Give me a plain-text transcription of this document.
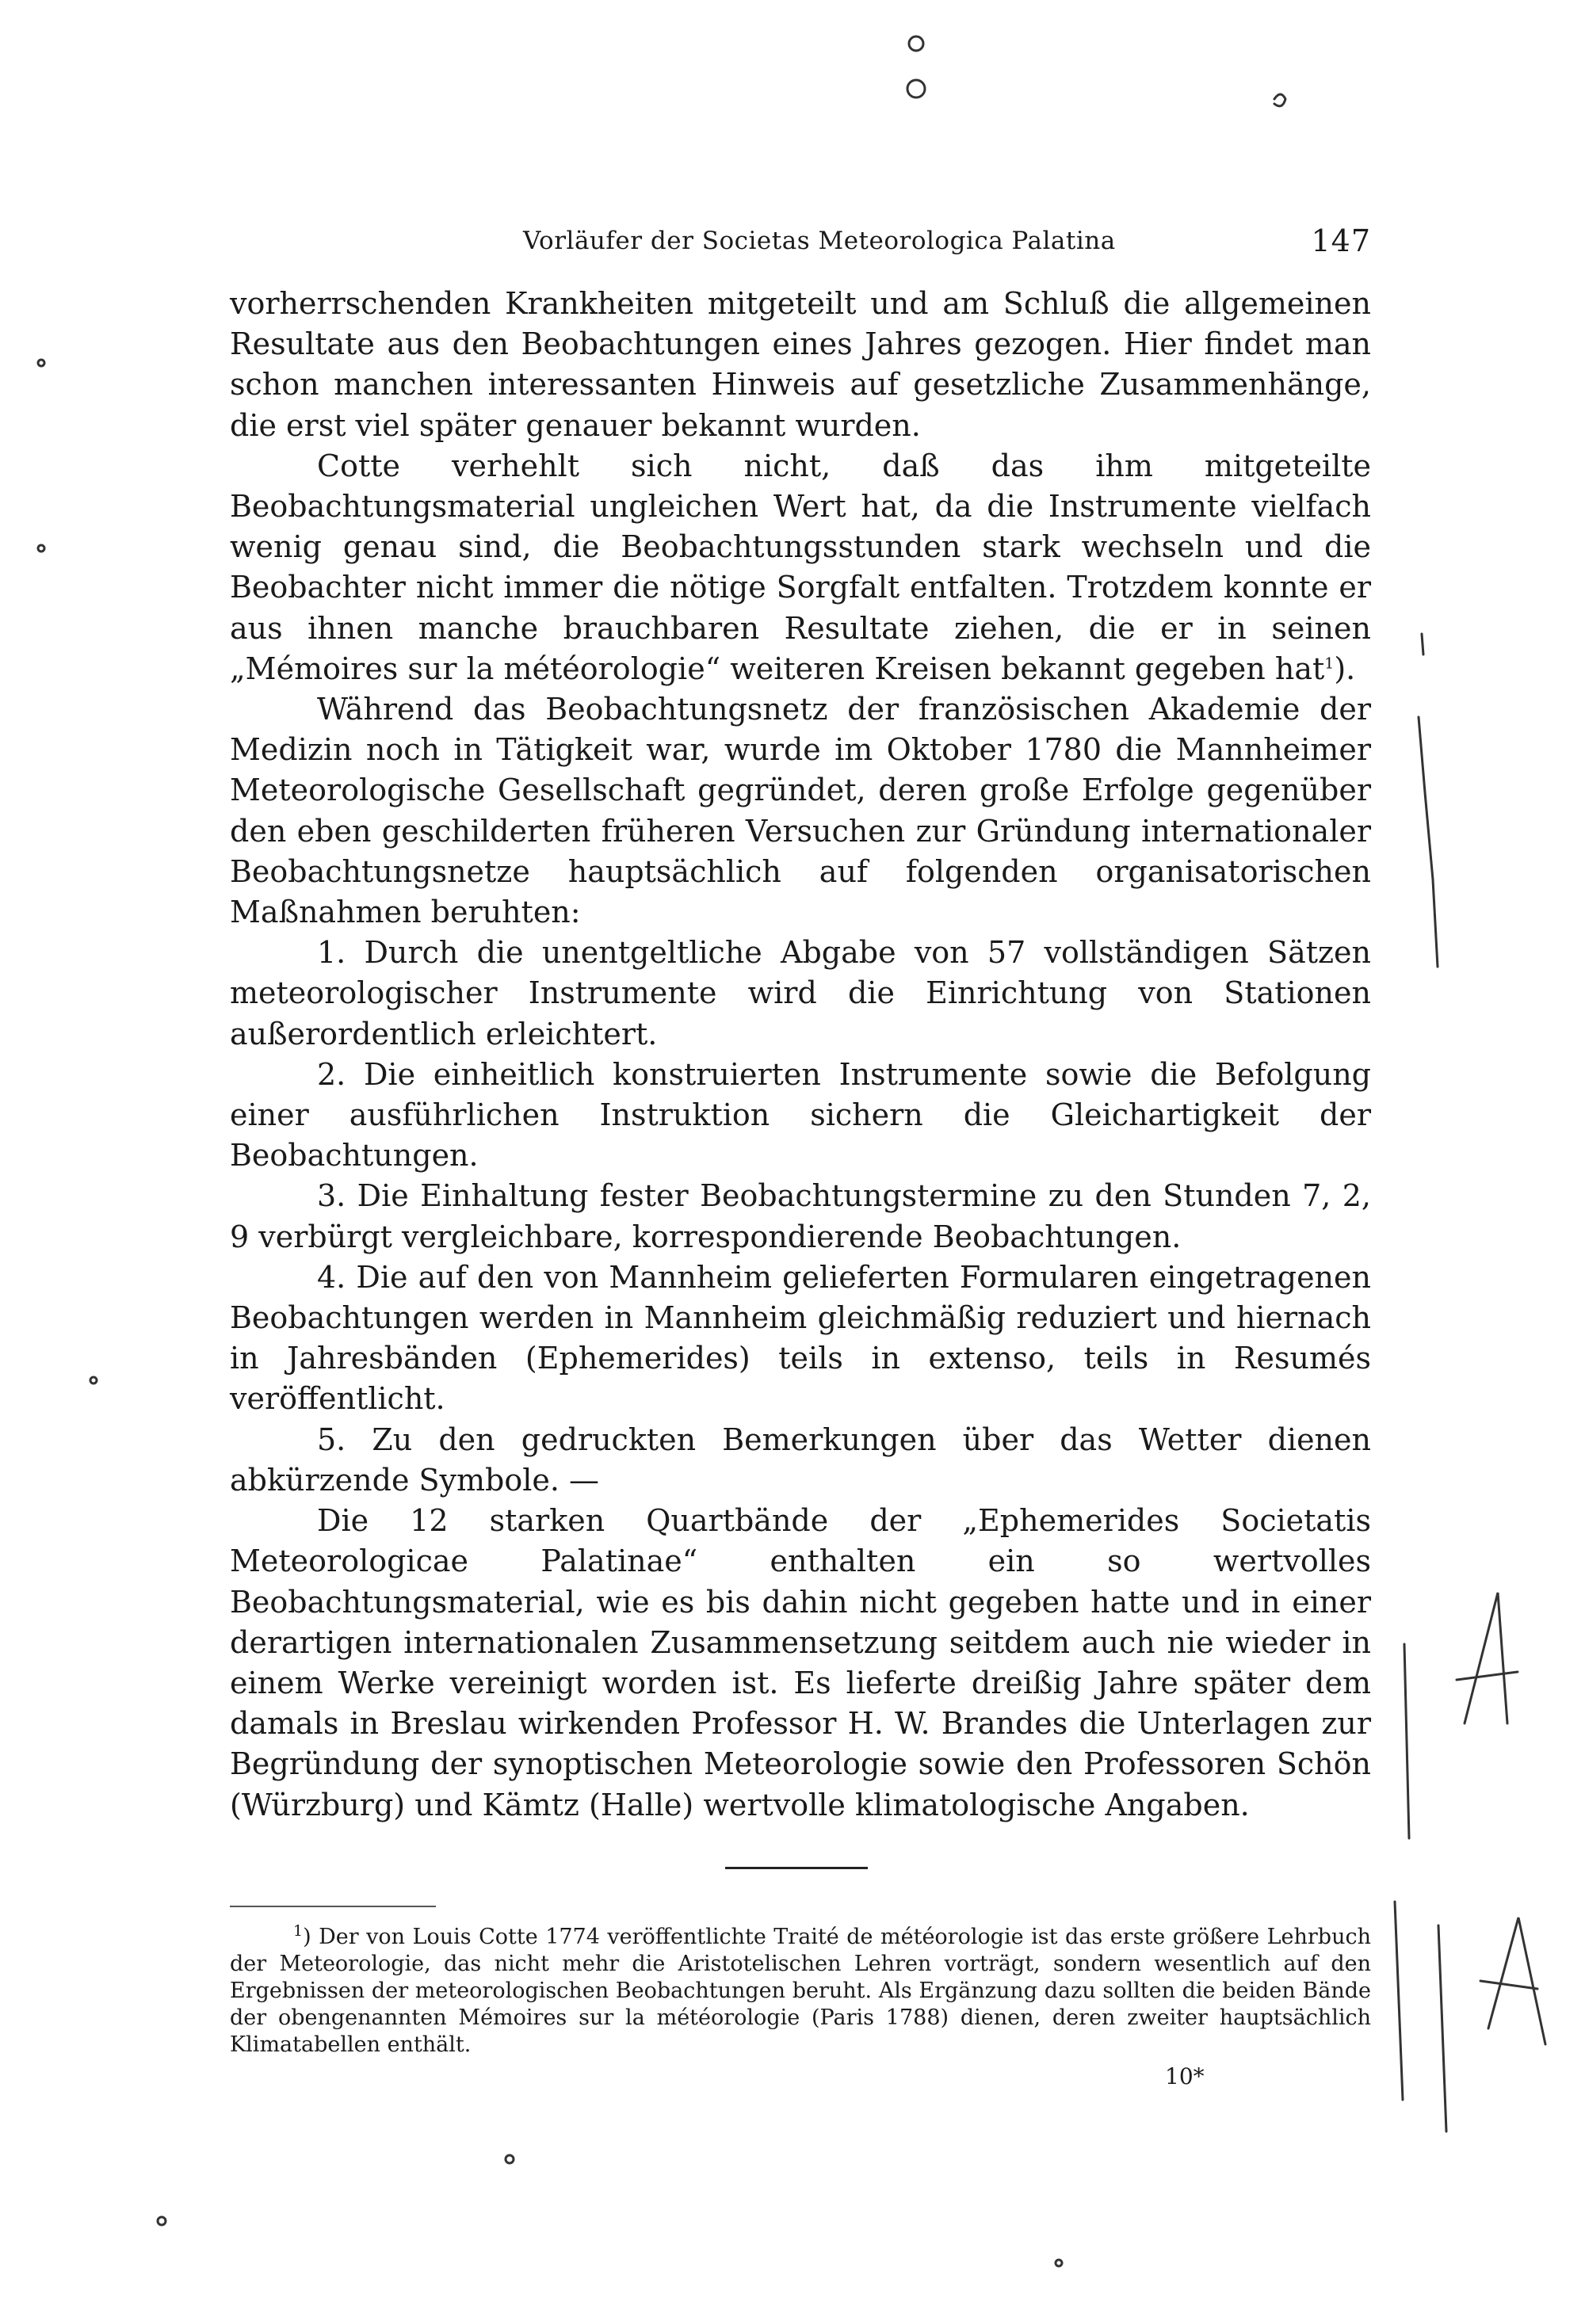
Vorläufer der Societas Meteorologica Palatina	147

vorherrschenden Krankheiten mitgeteilt und am Schluß die allgemeinen Resultate aus den Beobachtungen eines Jahres gezogen. Hier findet man schon manchen interessanten Hinweis auf gesetzliche Zusammenhänge, die erst viel später genauer bekannt wurden.

Cotte verhehlt sich nicht, daß das ihm mitgeteilte Beobachtungsmaterial ungleichen Wert hat, da die Instrumente vielfach wenig genau sind, die Beobachtungsstunden stark wechseln und die Beobachter nicht immer die nötige Sorgfalt entfalten. Trotzdem konnte er aus ihnen manche brauchbaren Resultate ziehen, die er in seinen „Mémoires sur la météorologie“ weiteren Kreisen bekannt gegeben hat$^1$).

Während das Beobachtungsnetz der französischen Akademie der Medizin noch in Tätigkeit war, wurde im Oktober 1780 die Mannheimer Meteorologische Gesellschaft gegründet, deren große Erfolge gegenüber den eben geschilderten früheren Versuchen zur Gründung internationaler Beobachtungsnetze hauptsächlich auf folgenden organisatorischen Maßnahmen beruhten:

1. Durch die unentgeltliche Abgabe von 57 vollständigen Sätzen meteorologischer Instrumente wird die Einrichtung von Stationen außerordentlich erleichtert.

2. Die einheitlich konstruierten Instrumente sowie die Befolgung einer ausführlichen Instruktion sichern die Gleichartigkeit der Beobachtungen.

3. Die Einhaltung fester Beobachtungstermine zu den Stunden 7, 2, 9 verbürgt vergleichbare, korrespondierende Beobachtungen.

4. Die auf den von Mannheim gelieferten Formularen eingetragenen Beobachtungen werden in Mannheim gleichmäßig reduziert und hiernach in Jahresbänden (Ephemerides) teils in extenso, teils in Resumés veröffentlicht.

5. Zu den gedruckten Bemerkungen über das Wetter dienen abkürzende Symbole. —

Die 12 starken Quartbände der „Ephemerides Societatis Meteorologicae Palatinae“ enthalten ein so wertvolles Beobachtungsmaterial, wie es bis dahin nicht gegeben hatte und in einer derartigen internationalen Zusammensetzung seitdem auch nie wieder in einem Werke vereinigt worden ist. Es lieferte dreißig Jahre später dem damals in Breslau wirkenden Professor H. W. Brandes die Unterlagen zur Begründung der synoptischen Meteorologie sowie den Professoren Schön (Würzburg) und Kämtz (Halle) wertvolle klimatologische Angaben.

$^1$) Der von Louis Cotte 1774 veröffentlichte Traité de météorologie ist das erste größere Lehrbuch der Meteorologie, das nicht mehr die Aristotelischen Lehren vorträgt, sondern wesentlich auf den Ergebnissen der meteorologischen Beobachtungen beruht. Als Ergänzung dazu sollten die beiden Bände der obengenannten Mémoires sur la météorologie (Paris 1788) dienen, deren zweiter hauptsächlich Klimatabellen enthält.

10*
